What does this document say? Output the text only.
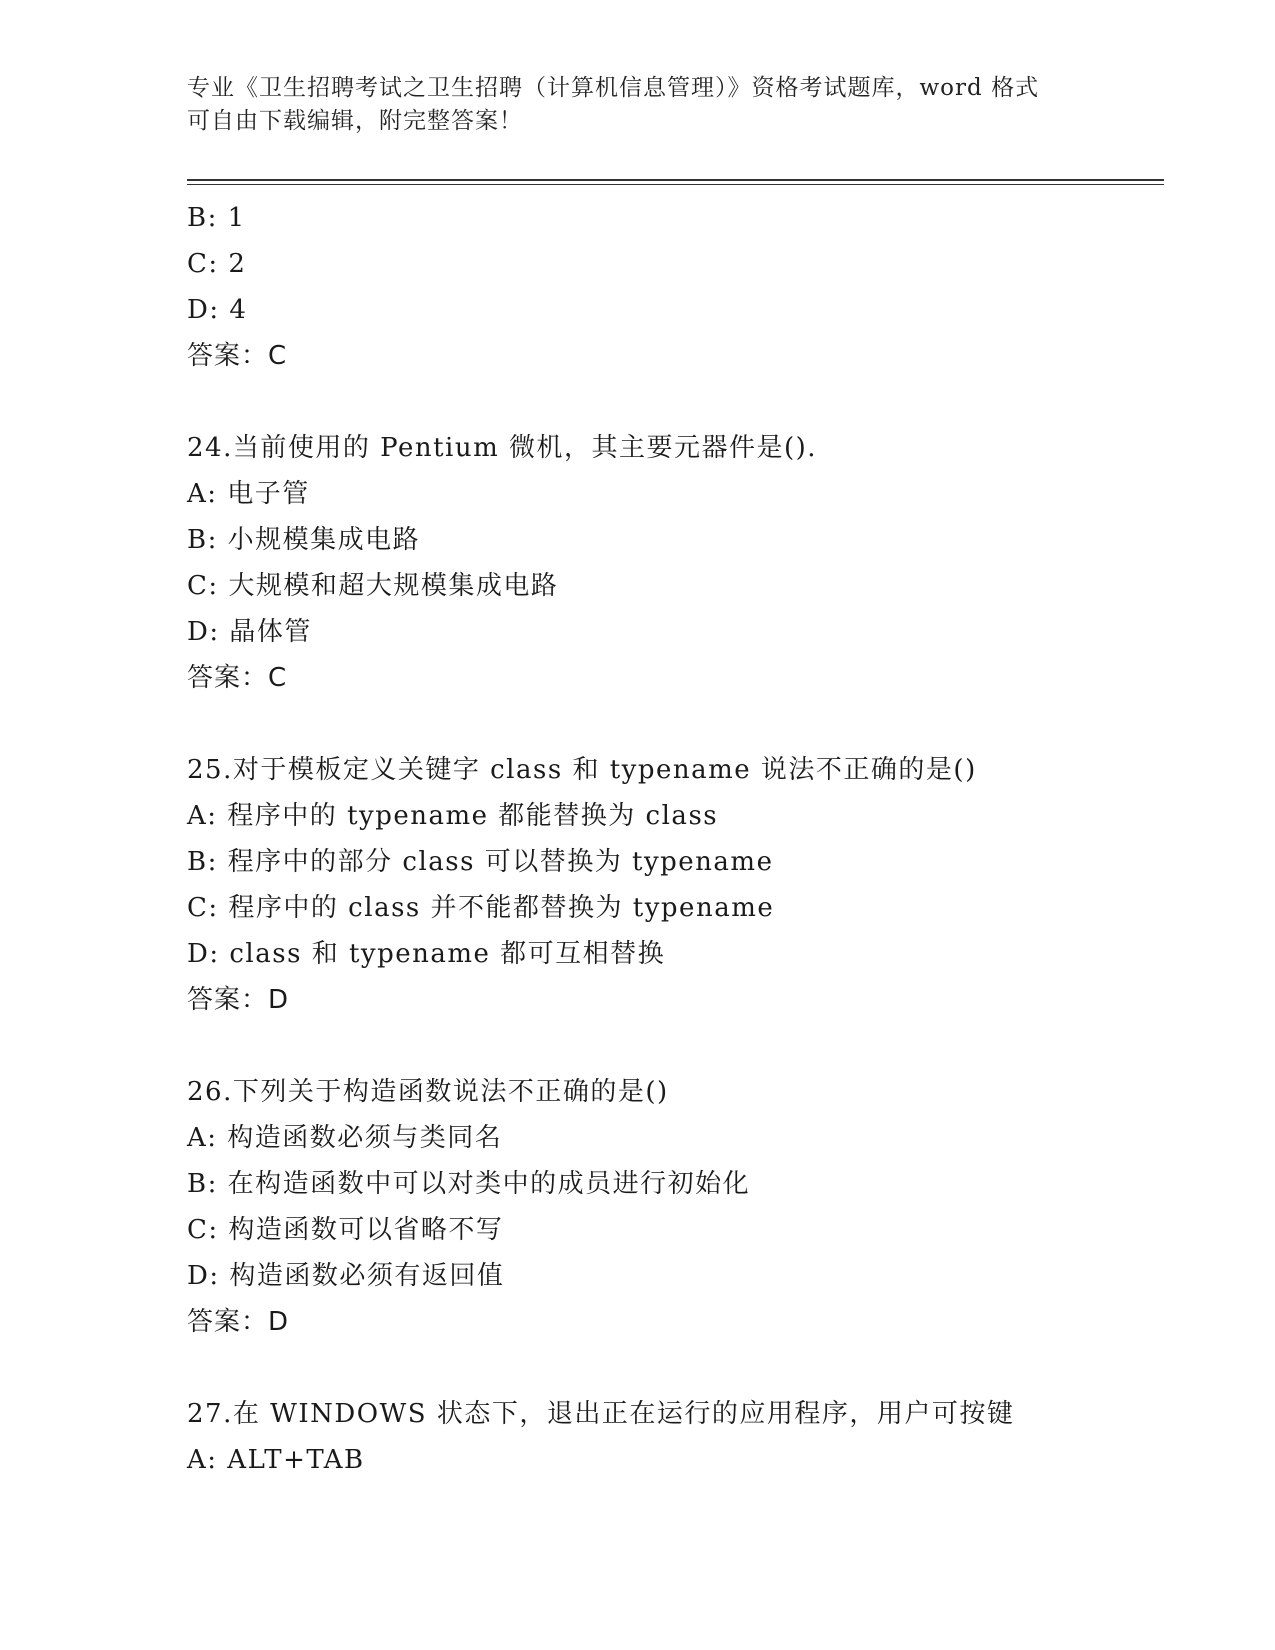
专业《卫生招聘考试之卫生招聘（计算机信息管理）》资格考试题库，word 格式
可自由下载编辑，附完整答案！
B: 1
C: 2
D: 4
答案：C
24.当前使用的 Pentium 微机，其主要元器件是().
A: 电子管
B: 小规模集成电路
C: 大规模和超大规模集成电路
D: 晶体管
答案：C
25.对于模板定义关键字 class 和 typename 说法不正确的是()
A: 程序中的 typename 都能替换为 class
B: 程序中的部分 class 可以替换为 typename
C: 程序中的 class 并不能都替换为 typename
D: class 和 typename 都可互相替换
答案：D
26.下列关于构造函数说法不正确的是()
A: 构造函数必须与类同名
B: 在构造函数中可以对类中的成员进行初始化
C: 构造函数可以省略不写
D: 构造函数必须有返回值
答案：D
27.在 WINDOWS 状态下，退出正在运行的应用程序，用户可按键
A: ALT+TAB
